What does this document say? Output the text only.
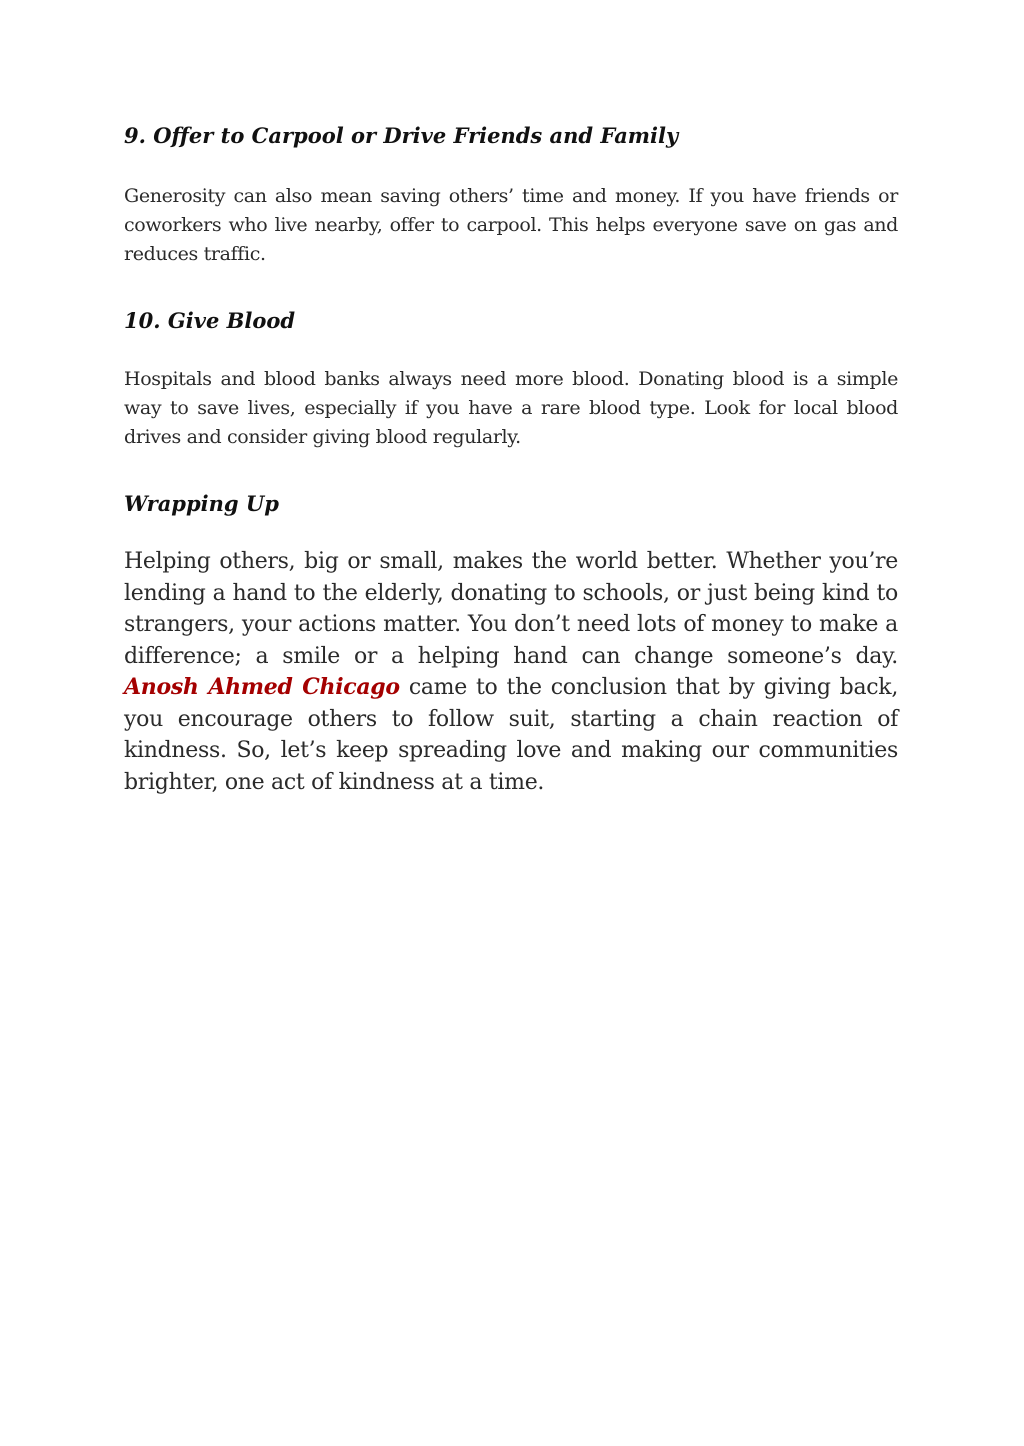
9. Offer to Carpool or Drive Friends and Family

Generosity can also mean saving others’ time and money. If you have friends or coworkers who live nearby, offer to carpool. This helps everyone save on gas and reduces traffic.

10. Give Blood

Hospitals and blood banks always need more blood. Donating blood is a simple way to save lives, especially if you have a rare blood type. Look for local blood drives and consider giving blood regularly.

Wrapping Up

Helping others, big or small, makes the world better. Whether you’re lending a hand to the elderly, donating to schools, or just being kind to strangers, your actions matter. You don’t need lots of money to make a difference; a smile or a helping hand can change someone’s day. Anosh Ahmed Chicago came to the conclusion that by giving back, you encourage others to follow suit, starting a chain reaction of kindness. So, let’s keep spreading love and making our communities brighter, one act of kindness at a time.
